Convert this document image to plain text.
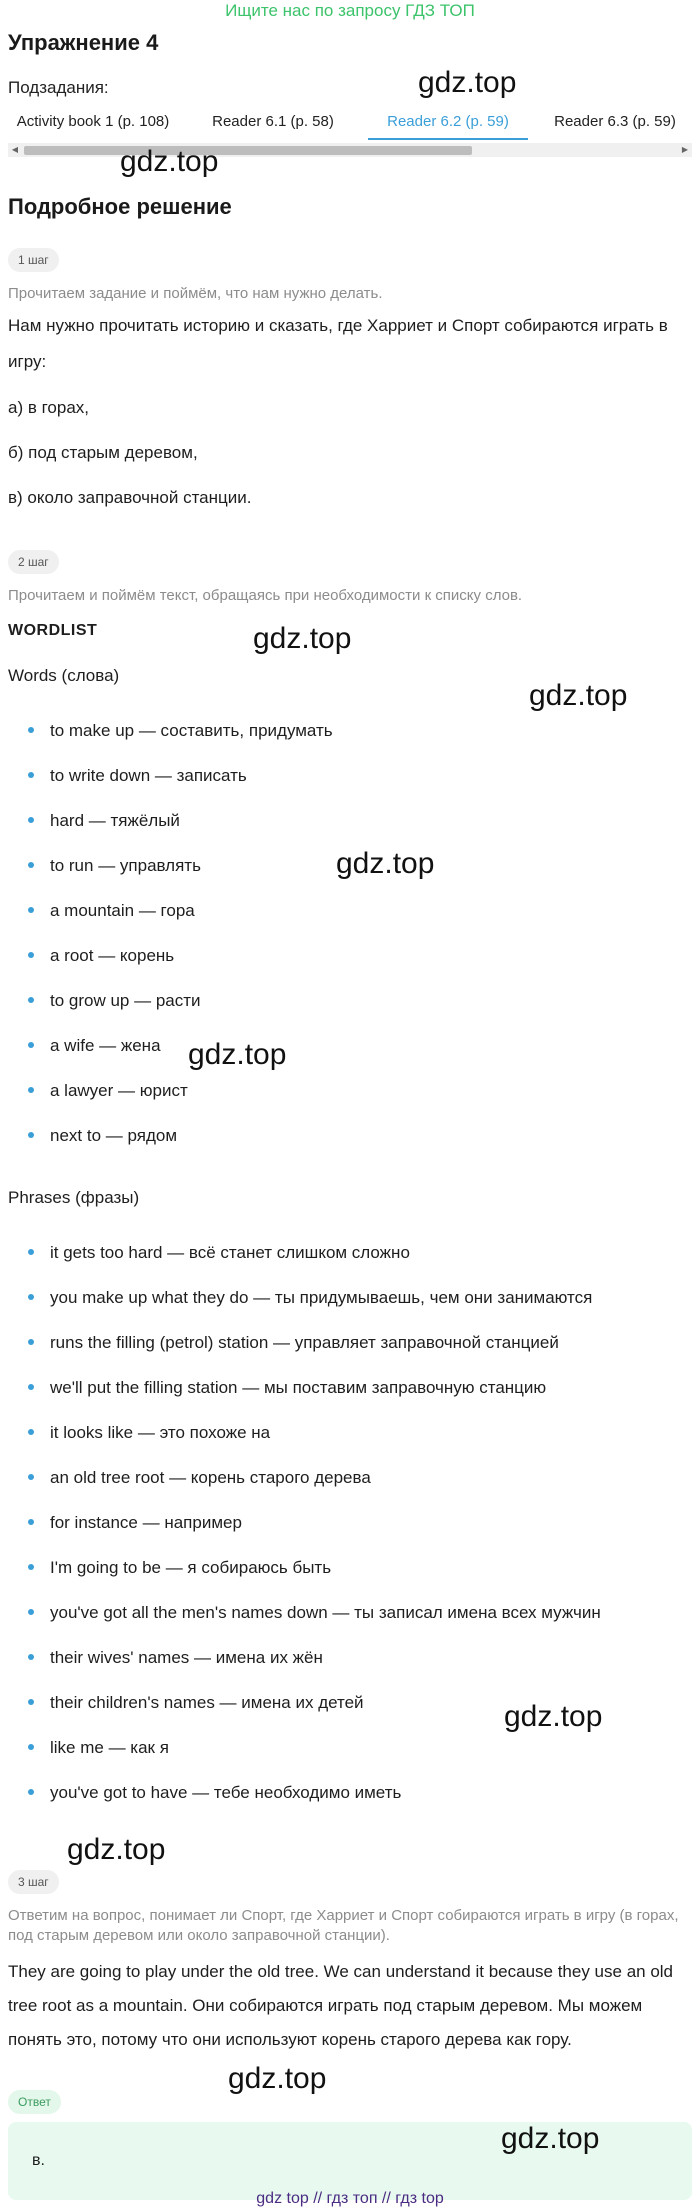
Ищите нас по запросу ГДЗ ТОП
Упражнение 4
Подзадания:
Activity book 1 (p. 108)	Reader 6.1 (p. 58)	Reader 6.2 (p. 59)	Reader 6.3 (p. 59)
◀	▶
Подробное решение
1 шаг
Прочитаем задание и поймём, что нам нужно делать.
Нам нужно прочитать историю и сказать, где Харриет и Спорт собираются играть в игру:
а) в горах,
б) под старым деревом,
в) около заправочной станции.
2 шаг
Прочитаем и поймём текст, обращаясь при необходимости к списку слов.
WORDLIST
Words (слова)
to make up — составить, придумать
to write down — записать
hard — тяжёлый
to run — управлять
a mountain — гора
a root — корень
to grow up — расти
a wife — жена
a lawyer — юрист
next to — рядом
Phrases (фразы)
it gets too hard — всё станет слишком сложно
you make up what they do — ты придумываешь, чем они занимаются
runs the filling (petrol) station — управляет заправочной станцией
we'll put the filling station — мы поставим заправочную станцию
it looks like — это похоже на
an old tree root — корень старого дерева
for instance — например
I'm going to be — я собираюсь быть
you've got all the men's names down — ты записал имена всех мужчин
their wives' names — имена их жён
their children's names — имена их детей
like me — как я
you've got to have — тебе необходимо иметь
3 шаг
Ответим на вопрос, понимает ли Спорт, где Харриет и Спорт собираются играть в игру (в горах, под старым деревом или около заправочной станции).
They are going to play under the old tree. We can understand it because they use an old tree root as a mountain. Они собираются играть под старым деревом. Мы можем понять это, потому что они используют корень старого дерева как гору.
Ответ
в.
gdz top // гдз топ // гдз top
gdz.top
gdz.top
gdz.top
gdz.top
gdz.top
gdz.top
gdz.top
gdz.top
gdz.top
gdz.top
